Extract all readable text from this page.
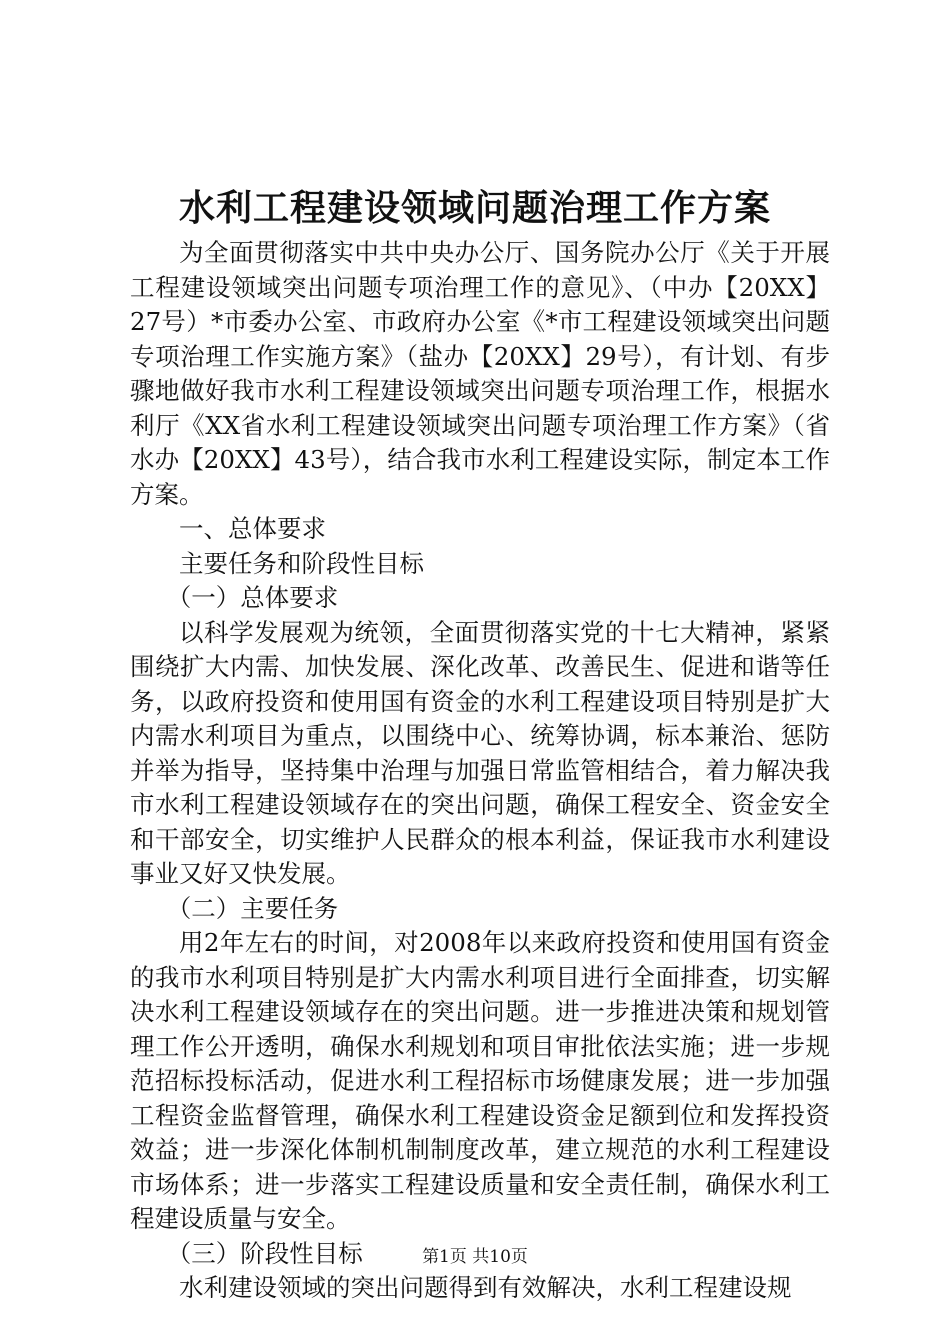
水利工程建设领域问题治理工作方案

为全面贯彻落实中共中央办公厅、国务院办公厅《关于开展工程建设领域突出问题专项治理工作的意见》、（中办【20XX】27号）*市委办公室、市政府办公室《*市工程建设领域突出问题专项治理工作实施方案》（盐办【20XX】29号），有计划、有步骤地做好我市水利工程建设领域突出问题专项治理工作，根据水利厅《XX省水利工程建设领域突出问题专项治理工作方案》（省水办【20XX】43号），结合我市水利工程建设实际，制定本工作方案。

一、总体要求

主要任务和阶段性目标

（一）总体要求

以科学发展观为统领，全面贯彻落实党的十七大精神，紧紧围绕扩大内需、加快发展、深化改革、改善民生、促进和谐等任务，以政府投资和使用国有资金的水利工程建设项目特别是扩大内需水利项目为重点，以围绕中心、统筹协调，标本兼治、惩防并举为指导，坚持集中治理与加强日常监管相结合，着力解决我市水利工程建设领域存在的突出问题，确保工程安全、资金安全和干部安全，切实维护人民群众的根本利益，保证我市水利建设事业又好又快发展。

（二）主要任务

用2年左右的时间，对2008年以来政府投资和使用国有资金的我市水利项目特别是扩大内需水利项目进行全面排查，切实解决水利工程建设领域存在的突出问题。进一步推进决策和规划管理工作公开透明，确保水利规划和项目审批依法实施；进一步规范招标投标活动，促进水利工程招标市场健康发展；进一步加强工程资金监督管理，确保水利工程建设资金足额到位和发挥投资效益；进一步深化体制机制制度改革，建立规范的水利工程建设市场体系；进一步落实工程建设质量和安全责任制，确保水利工程建设质量与安全。

（三）阶段性目标

水利建设领域的突出问题得到有效解决，水利工程建设规

第1页 共10页
